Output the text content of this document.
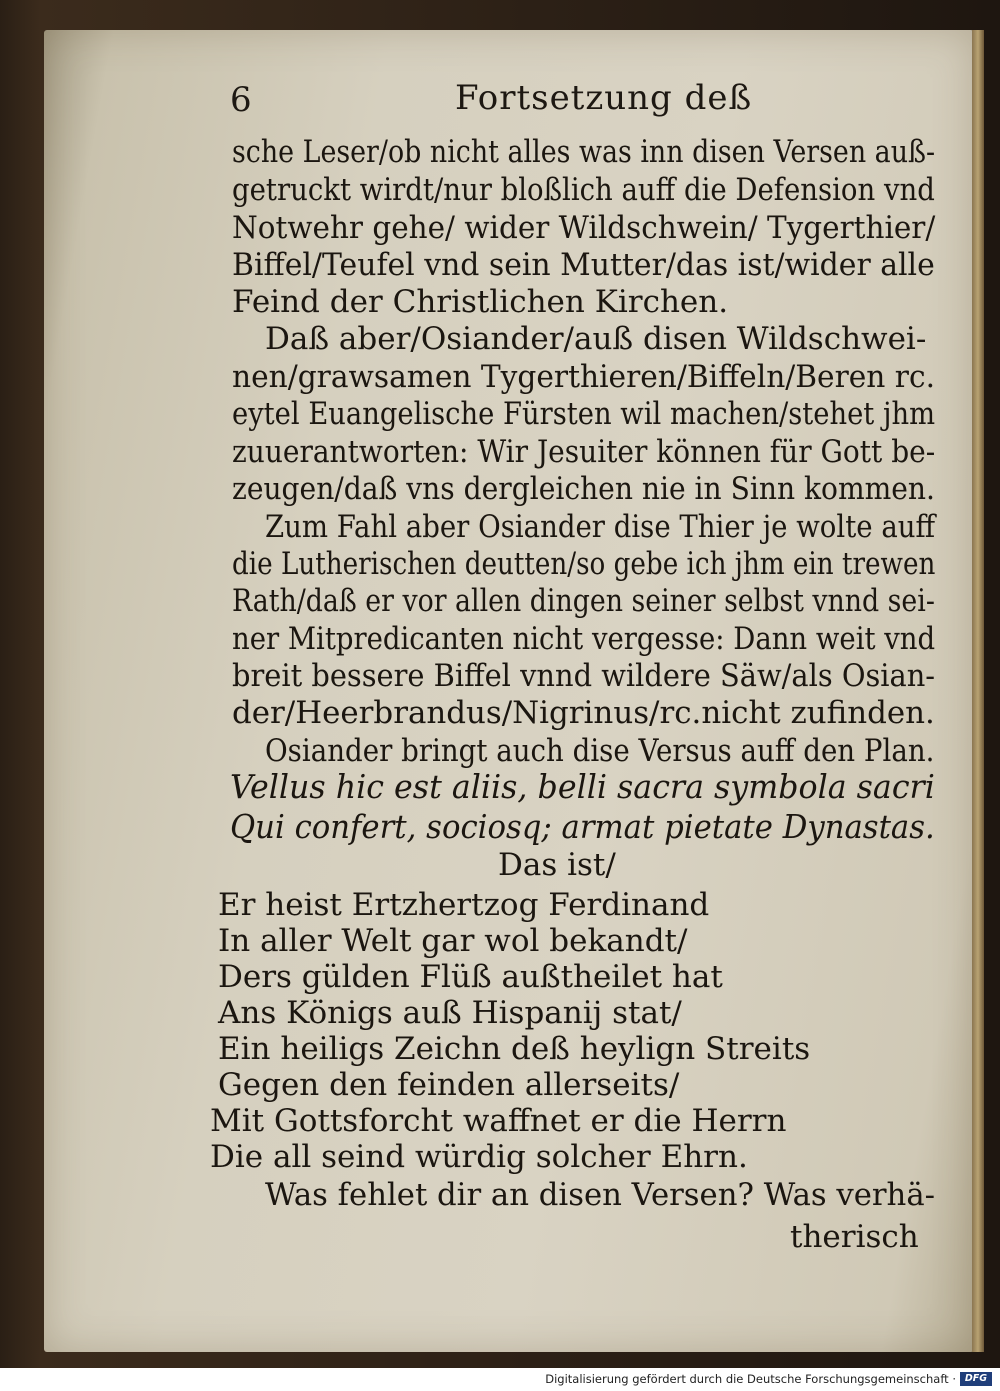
6	Fortsetzung deß
sche Leser/ob nicht alles was inn disen Versen auß-
getruckt wirdt/nur bloßlich auff die Defension vnd
Notwehr gehe/ wider Wildschwein/ Tygerthier/
Biffel/Teufel vnd sein Mutter/das ist/wider alle
Feind der Christlichen Kirchen.
Daß aber/Osiander/auß disen Wildschwei-
nen/grawsamen Tygerthieren/Biffeln/Beren rc.
eytel Euangelische Fürsten wil machen/stehet jhm
zuuerantworten: Wir Jesuiter können für Gott be-
zeugen/daß vns dergleichen nie in Sinn kommen.
Zum Fahl aber Osiander dise Thier je wolte auff
die Lutherischen deutten/so gebe ich jhm ein trewen
Rath/daß er vor allen dingen seiner selbst vnnd sei-
ner Mitpredicanten nicht vergesse: Dann weit vnd
breit bessere Biffel vnnd wildere Säw/als Osian-
der/Heerbrandus/Nigrinus/rc.nicht zufinden.
Osiander bringt auch dise Versus auff den Plan.
Vellus hic est aliis, belli sacra symbola sacri
Qui confert, sociosq; armat pietate Dynastas.
Das ist/
Er heist Ertzhertzog Ferdinand
In aller Welt gar wol bekandt/
Ders gülden Flüß außtheilet hat
Ans Königs auß Hispanij stat/
Ein heiligs Zeichn deß heylign Streits
Gegen den feinden allerseits/
Mit Gottsforcht waffnet er die Herrn
Die all seind würdig solcher Ehrn.
Was fehlet dir an disen Versen? Was verhä-
therisch
Digitalisierung gefördert durch die Deutsche Forschungsgemeinschaft · DFG
